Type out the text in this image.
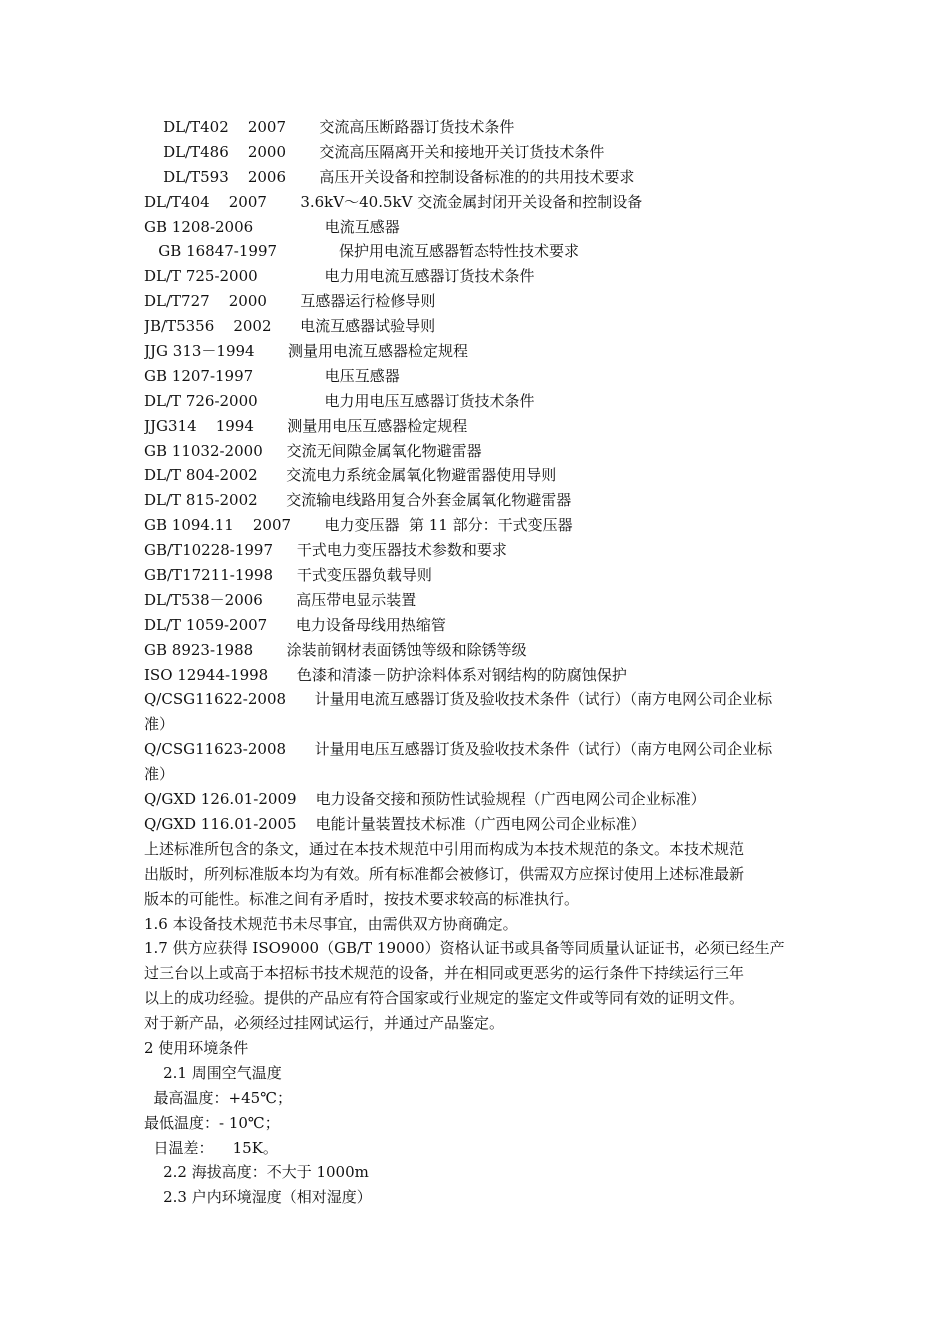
DL/T402    2007 交流高压断路器订货技术条件
DL/T486    2000 交流高压隔离开关和接地开关订货技术条件
DL/T593    2006 高压开关设备和控制设备标准的的共用技术要求
DL/T404    2007 3.6kV～40.5kV 交流金属封闭开关设备和控制设备
GB 1208-2006	电流互感器
GB 16847-1997	保护用电流互感器暂态特性技术要求
DL/T 725-2000	电力用电流互感器订货技术条件
DL/T727    2000 互感器运行检修导则
JB/T5356    2002 电流互感器试验导则
JJG 313－1994 测量用电流互感器检定规程
GB 1207-1997	电压互感器
DL/T 726-2000	电力用电压互感器订货技术条件
JJG314    1994 测量用电压互感器检定规程
GB 11032-2000 交流无间隙金属氧化物避雷器
DL/T 804-2002 交流电力系统金属氧化物避雷器使用导则
DL/T 815-2002 交流输电线路用复合外套金属氧化物避雷器
GB 1094.11    2007 电力变压器  第 11 部分：干式变压器
GB/T10228-1997 干式电力变压器技术参数和要求
GB/T17211-1998 干式变压器负载导则
DL/T538－2006 高压带电显示装置
DL/T 1059-2007 电力设备母线用热缩管
GB 8923-1988 涂装前钢材表面锈蚀等级和除锈等级
ISO 12944-1998 色漆和清漆－防护涂料体系对钢结构的防腐蚀保护
Q/CSG11622-2008      计量用电流互感器订货及验收技术条件（试行）（南方电网公司企业标
准）
Q/CSG11623-2008      计量用电压互感器订货及验收技术条件（试行）（南方电网公司企业标
准）
Q/GXD 126.01-2009 电力设备交接和预防性试验规程（广西电网公司企业标准）
Q/GXD 116.01-2005 电能计量装置技术标准（广西电网公司企业标准）
上述标准所包含的条文，通过在本技术规范中引用而构成为本技术规范的条文。本技术规范
出版时，所列标准版本均为有效。所有标准都会被修订，供需双方应探讨使用上述标准最新
版本的可能性。标准之间有矛盾时，按技术要求较高的标准执行。
1.6 本设备技术规范书未尽事宜，由需供双方协商确定。
1.7 供方应获得 ISO9000（GB/T 19000）资格认证书或具备等同质量认证证书，必须已经生产
过三台以上或高于本招标书技术规范的设备，并在相同或更恶劣的运行条件下持续运行三年
以上的成功经验。提供的产品应有符合国家或行业规定的鉴定文件或等同有效的证明文件。
对于新产品，必须经过挂网试运行，并通过产品鉴定。
2 使用环境条件
2.1 周围空气温度
最高温度：+45℃；
最低温度：- 10℃；
日温差：    15K。
2.2 海拔高度：不大于 1000m
2.3 户内环境湿度（相对湿度）
